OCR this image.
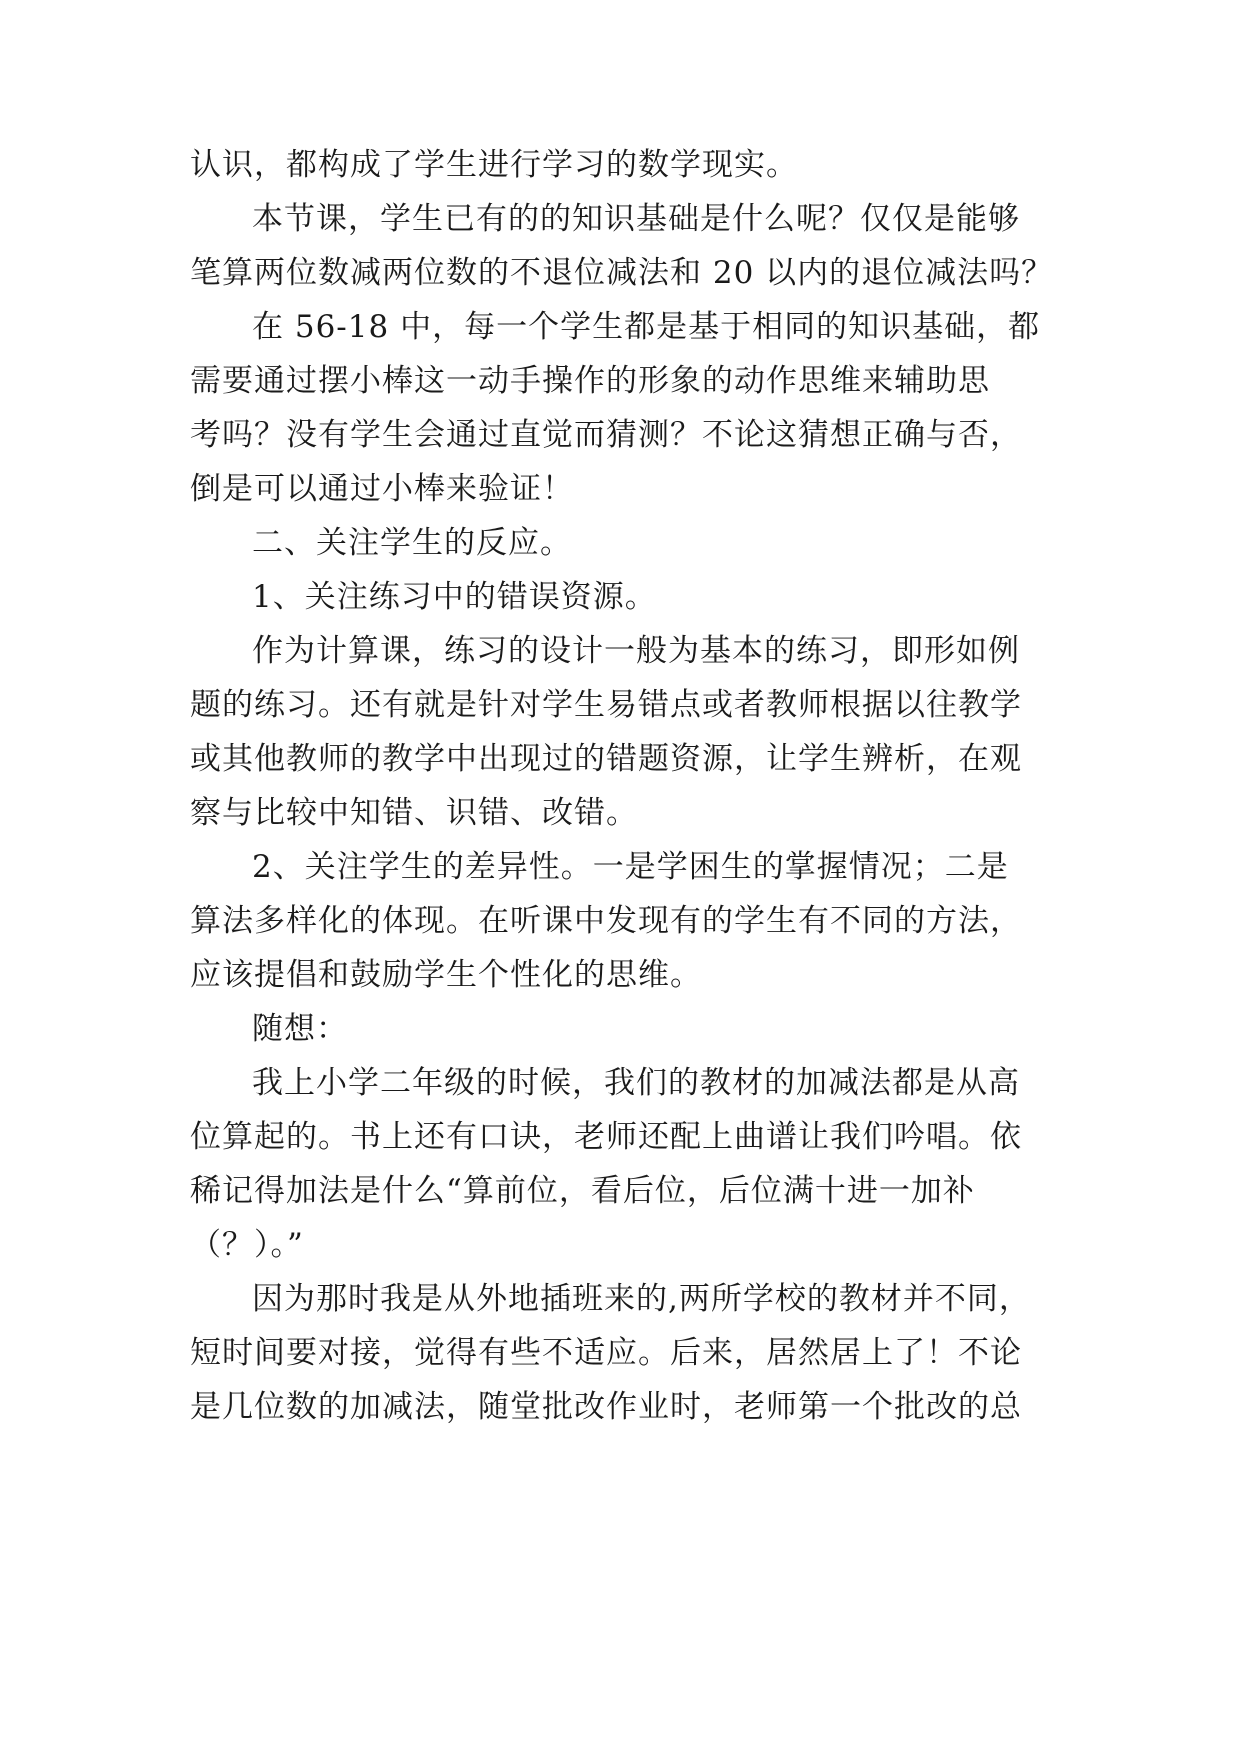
认识，都构成了学生进行学习的数学现实。
本节课，学生已有的的知识基础是什么呢？仅仅是能够
笔算两位数减两位数的不退位减法和 20 以内的退位减法吗？
在 56-18 中，每一个学生都是基于相同的知识基础，都
需要通过摆小棒这一动手操作的形象的动作思维来辅助思
考吗？没有学生会通过直觉而猜测？不论这猜想正确与否，
倒是可以通过小棒来验证！
二、关注学生的反应。
1、关注练习中的错误资源。
作为计算课，练习的设计一般为基本的练习，即形如例
题的练习。还有就是针对学生易错点或者教师根据以往教学
或其他教师的教学中出现过的错题资源，让学生辨析，在观
察与比较中知错、识错、改错。
2、关注学生的差异性。一是学困生的掌握情况；二是
算法多样化的体现。在听课中发现有的学生有不同的方法，
应该提倡和鼓励学生个性化的思维。
随想：
我上小学二年级的时候，我们的教材的加减法都是从高
位算起的。书上还有口诀，老师还配上曲谱让我们吟唱。依
稀记得加法是什么“算前位，看后位，后位满十进一加补
（？）。”
因为那时我是从外地插班来的,两所学校的教材并不同，
短时间要对接，觉得有些不适应。后来，居然居上了！不论
是几位数的加减法，随堂批改作业时，老师第一个批改的总
